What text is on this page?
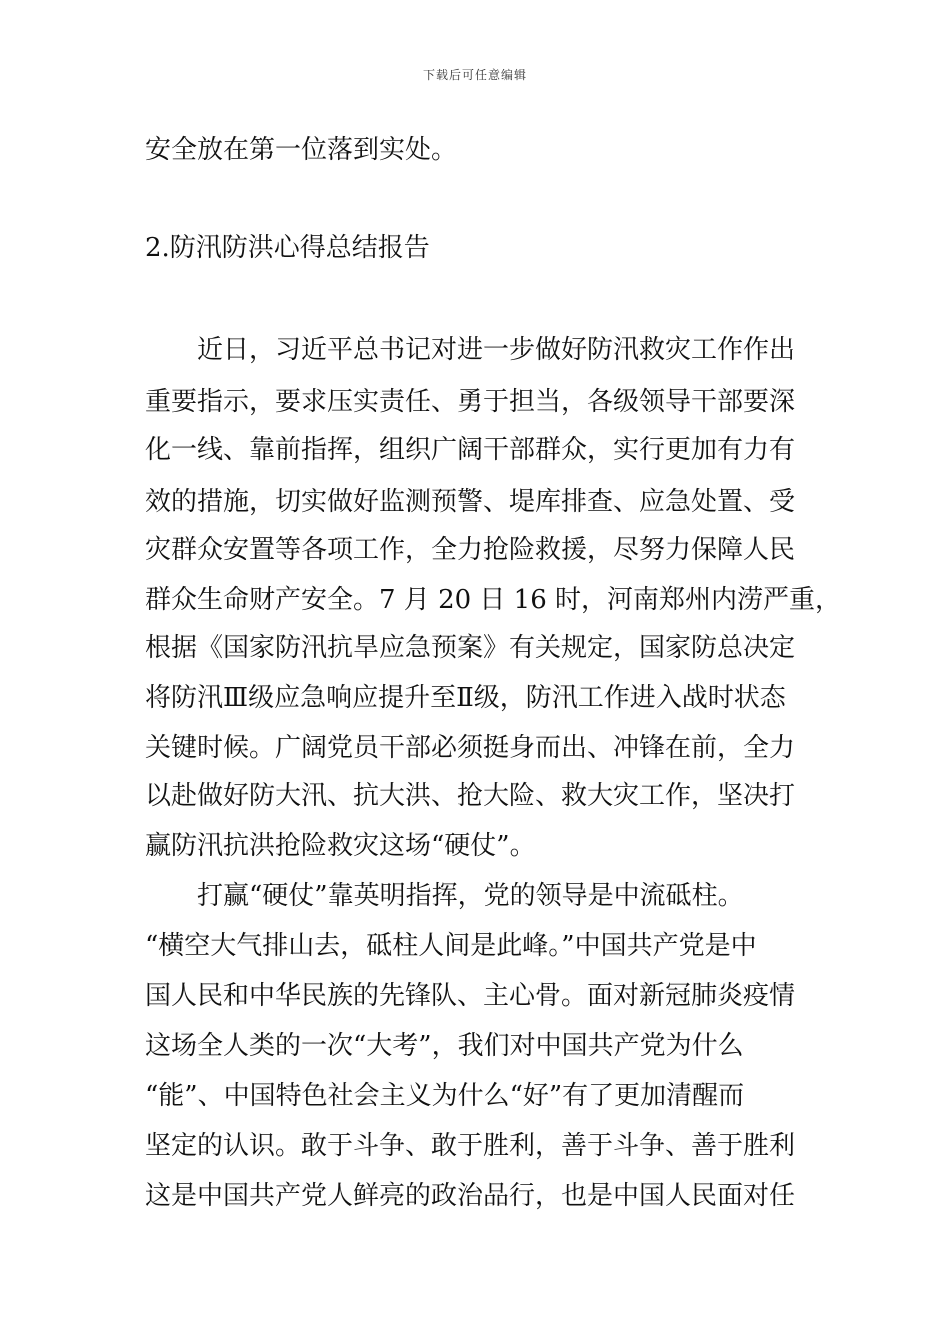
下载后可任意编辑
安全放在第一位落到实处。
2.防汛防洪心得总结报告
　　近日，习近平总书记对进一步做好防汛救灾工作作出
重要指示，要求压实责任、勇于担当，各级领导干部要深
化一线、靠前指挥，组织广阔干部群众，实行更加有力有
效的措施，切实做好监测预警、堤库排查、应急处置、受
灾群众安置等各项工作，全力抢险救援，尽努力保障人民
群众生命财产安全。7 月 20 日 16 时，河南郑州内涝严重，
根据《国家防汛抗旱应急预案》有关规定，国家防总决定
将防汛Ⅲ级应急响应提升至Ⅱ级，防汛工作进入战时状态
关键时候。广阔党员干部必须挺身而出、冲锋在前，全力
以赴做好防大汛、抗大洪、抢大险、救大灾工作，坚决打
赢防汛抗洪抢险救灾这场“硬仗”。
　　打赢“硬仗”靠英明指挥，党的领导是中流砥柱。
“横空大气排山去，砥柱人间是此峰。”中国共产党是中
国人民和中华民族的先锋队、主心骨。面对新冠肺炎疫情
这场全人类的一次“大考”，我们对中国共产党为什么
“能”、中国特色社会主义为什么“好”有了更加清醒而
坚定的认识。敢于斗争、敢于胜利，善于斗争、善于胜利
这是中国共产党人鲜亮的政治品行，也是中国人民面对任
